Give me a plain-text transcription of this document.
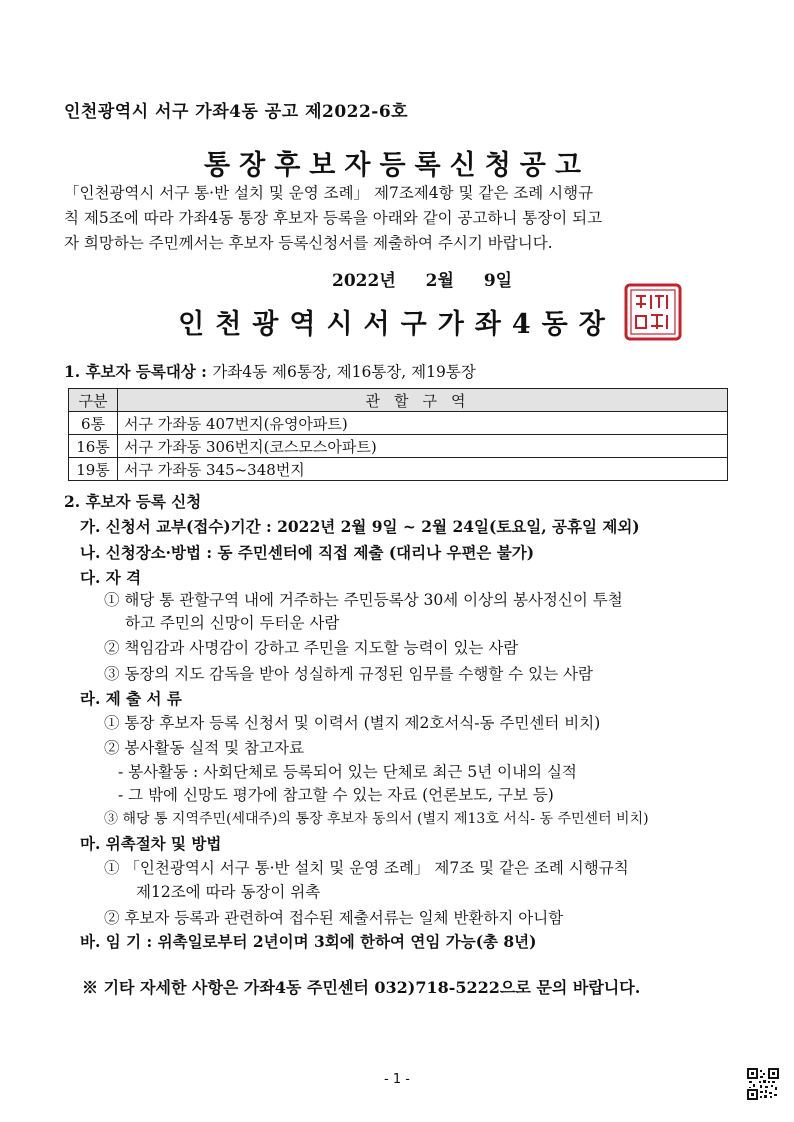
인천광역시 서구 가좌4동 공고 제2022-6호
통장후보자등록신청공고
「인천광역시 서구 통·반 설치 및 운영 조례」 제7조제4항 및 같은 조례 시행규
칙 제5조에 따라 가좌4동 통장 후보자 등록을 아래와 같이 공고하니 통장이 되고
자 희망하는 주민께서는 후보자 등록신청서를 제출하여 주시기 바랍니다.
2022년 2월 9일
인천광역시서구가좌4동장
1. 후보자 등록대상 : 가좌4동 제6통장, 제16통장, 제19통장
구분	관할구역
6통	서구 가좌동 407번지(유영아파트)
16통	서구 가좌동 306번지(코스모스아파트)
19통	서구 가좌동 345~348번지
2. 후보자 등록 신청
가. 신청서 교부(접수)기간 : 2022년 2월 9일 ~ 2월 24일(토요일, 공휴일 제외)
나. 신청장소·방법 : 동 주민센터에 직접 제출 (대리나 우편은 불가)
다. 자 격
① 해당 통 관할구역 내에 거주하는 주민등록상 30세 이상의 봉사정신이 투철
하고 주민의 신망이 두터운 사람
② 책임감과 사명감이 강하고 주민을 지도할 능력이 있는 사람
③ 동장의 지도 감독을 받아 성실하게 규정된 임무를 수행할 수 있는 사람
라. 제 출 서 류
① 통장 후보자 등록 신청서 및 이력서 (별지 제2호서식-동 주민센터 비치)
② 봉사활동 실적 및 참고자료
- 봉사활동 : 사회단체로 등록되어 있는 단체로 최근 5년 이내의 실적
- 그 밖에 신망도 평가에 참고할 수 있는 자료 (언론보도, 구보 등)
③ 해당 통 지역주민(세대주)의 통장 후보자 동의서 (별지 제13호 서식- 동 주민센터 비치)
마. 위촉절차 및 방법
① 「인천광역시 서구 통·반 설치 및 운영 조례」 제7조 및 같은 조례 시행규칙
제12조에 따라 동장이 위촉
② 후보자 등록과 관련하여 접수된 제출서류는 일체 반환하지 아니함
바. 임 기 : 위촉일로부터 2년이며 3회에 한하여 연임 가능(총 8년)
※ 기타 자세한 사항은 가좌4동 주민센터 032)718-5222으로 문의 바랍니다.
- 1 -
